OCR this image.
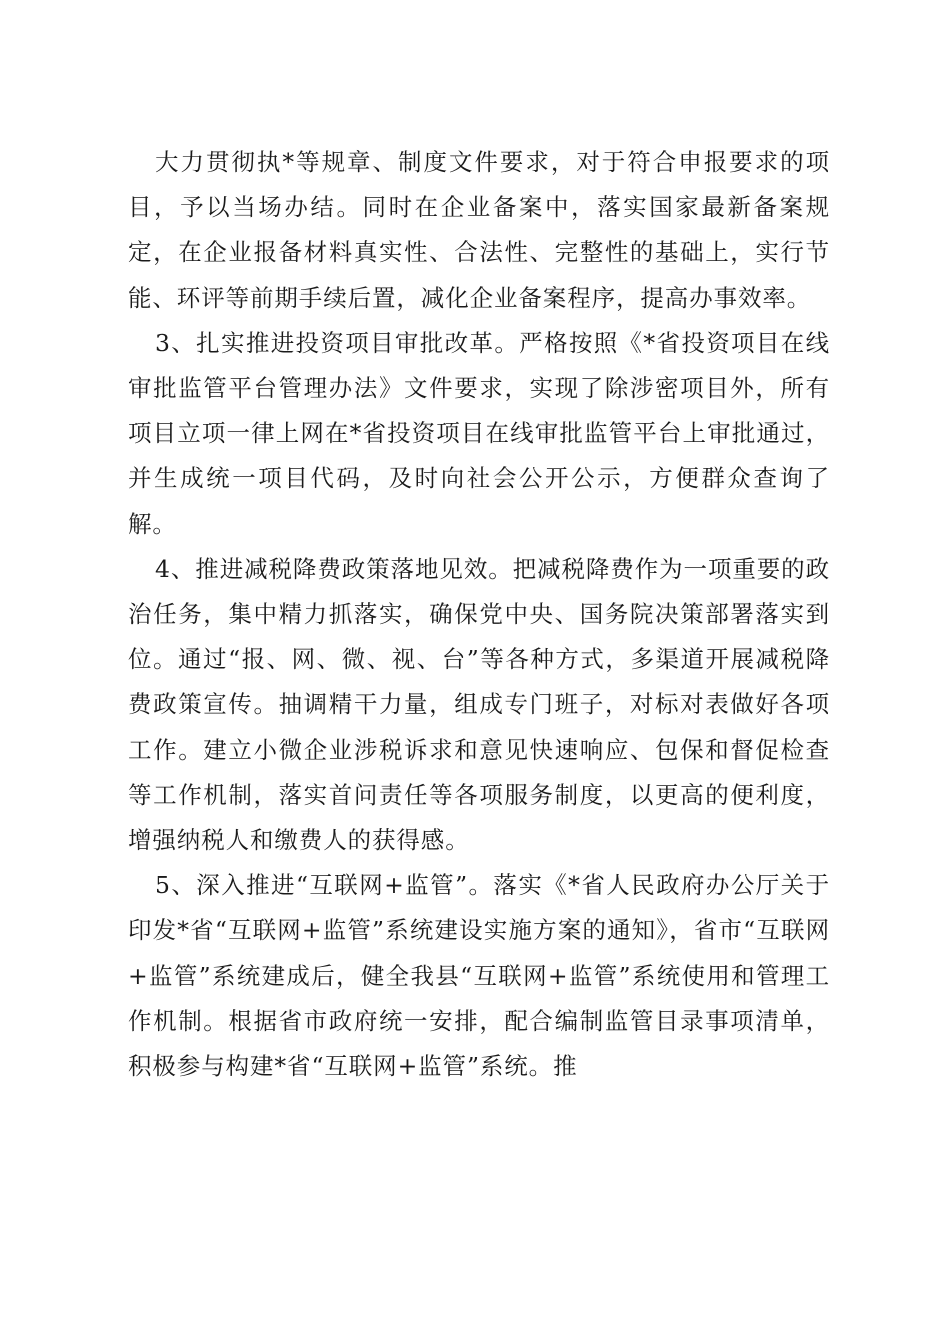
大力贯彻执*等规章、制度文件要求，对于符合申报要求的项目，予以当场办结。同时在企业备案中，落实国家最新备案规定，在企业报备材料真实性、合法性、完整性的基础上，实行节能、环评等前期手续后置，减化企业备案程序，提高办事效率。

3、扎实推进投资项目审批改革。严格按照《*省投资项目在线审批监管平台管理办法》文件要求，实现了除涉密项目外，所有项目立项一律上网在*省投资项目在线审批监管平台上审批通过，并生成统一项目代码，及时向社会公开公示，方便群众查询了解。

4、推进减税降费政策落地见效。把减税降费作为一项重要的政治任务，集中精力抓落实，确保党中央、国务院决策部署落实到位。通过“报、网、微、视、台”等各种方式，多渠道开展减税降费政策宣传。抽调精干力量，组成专门班子，对标对表做好各项工作。建立小微企业涉税诉求和意见快速响应、包保和督促检查等工作机制，落实首问责任等各项服务制度，以更高的便利度，增强纳税人和缴费人的获得感。

5、深入推进“互联网+监管”。落实《*省人民政府办公厅关于印发*省“互联网+监管”系统建设实施方案的通知》，省市“互联网+监管”系统建成后，健全我县“互联网+监管”系统使用和管理工作机制。根据省市政府统一安排，配合编制监管目录事项清单，积极参与构建*省“互联网+监管”系统。推
